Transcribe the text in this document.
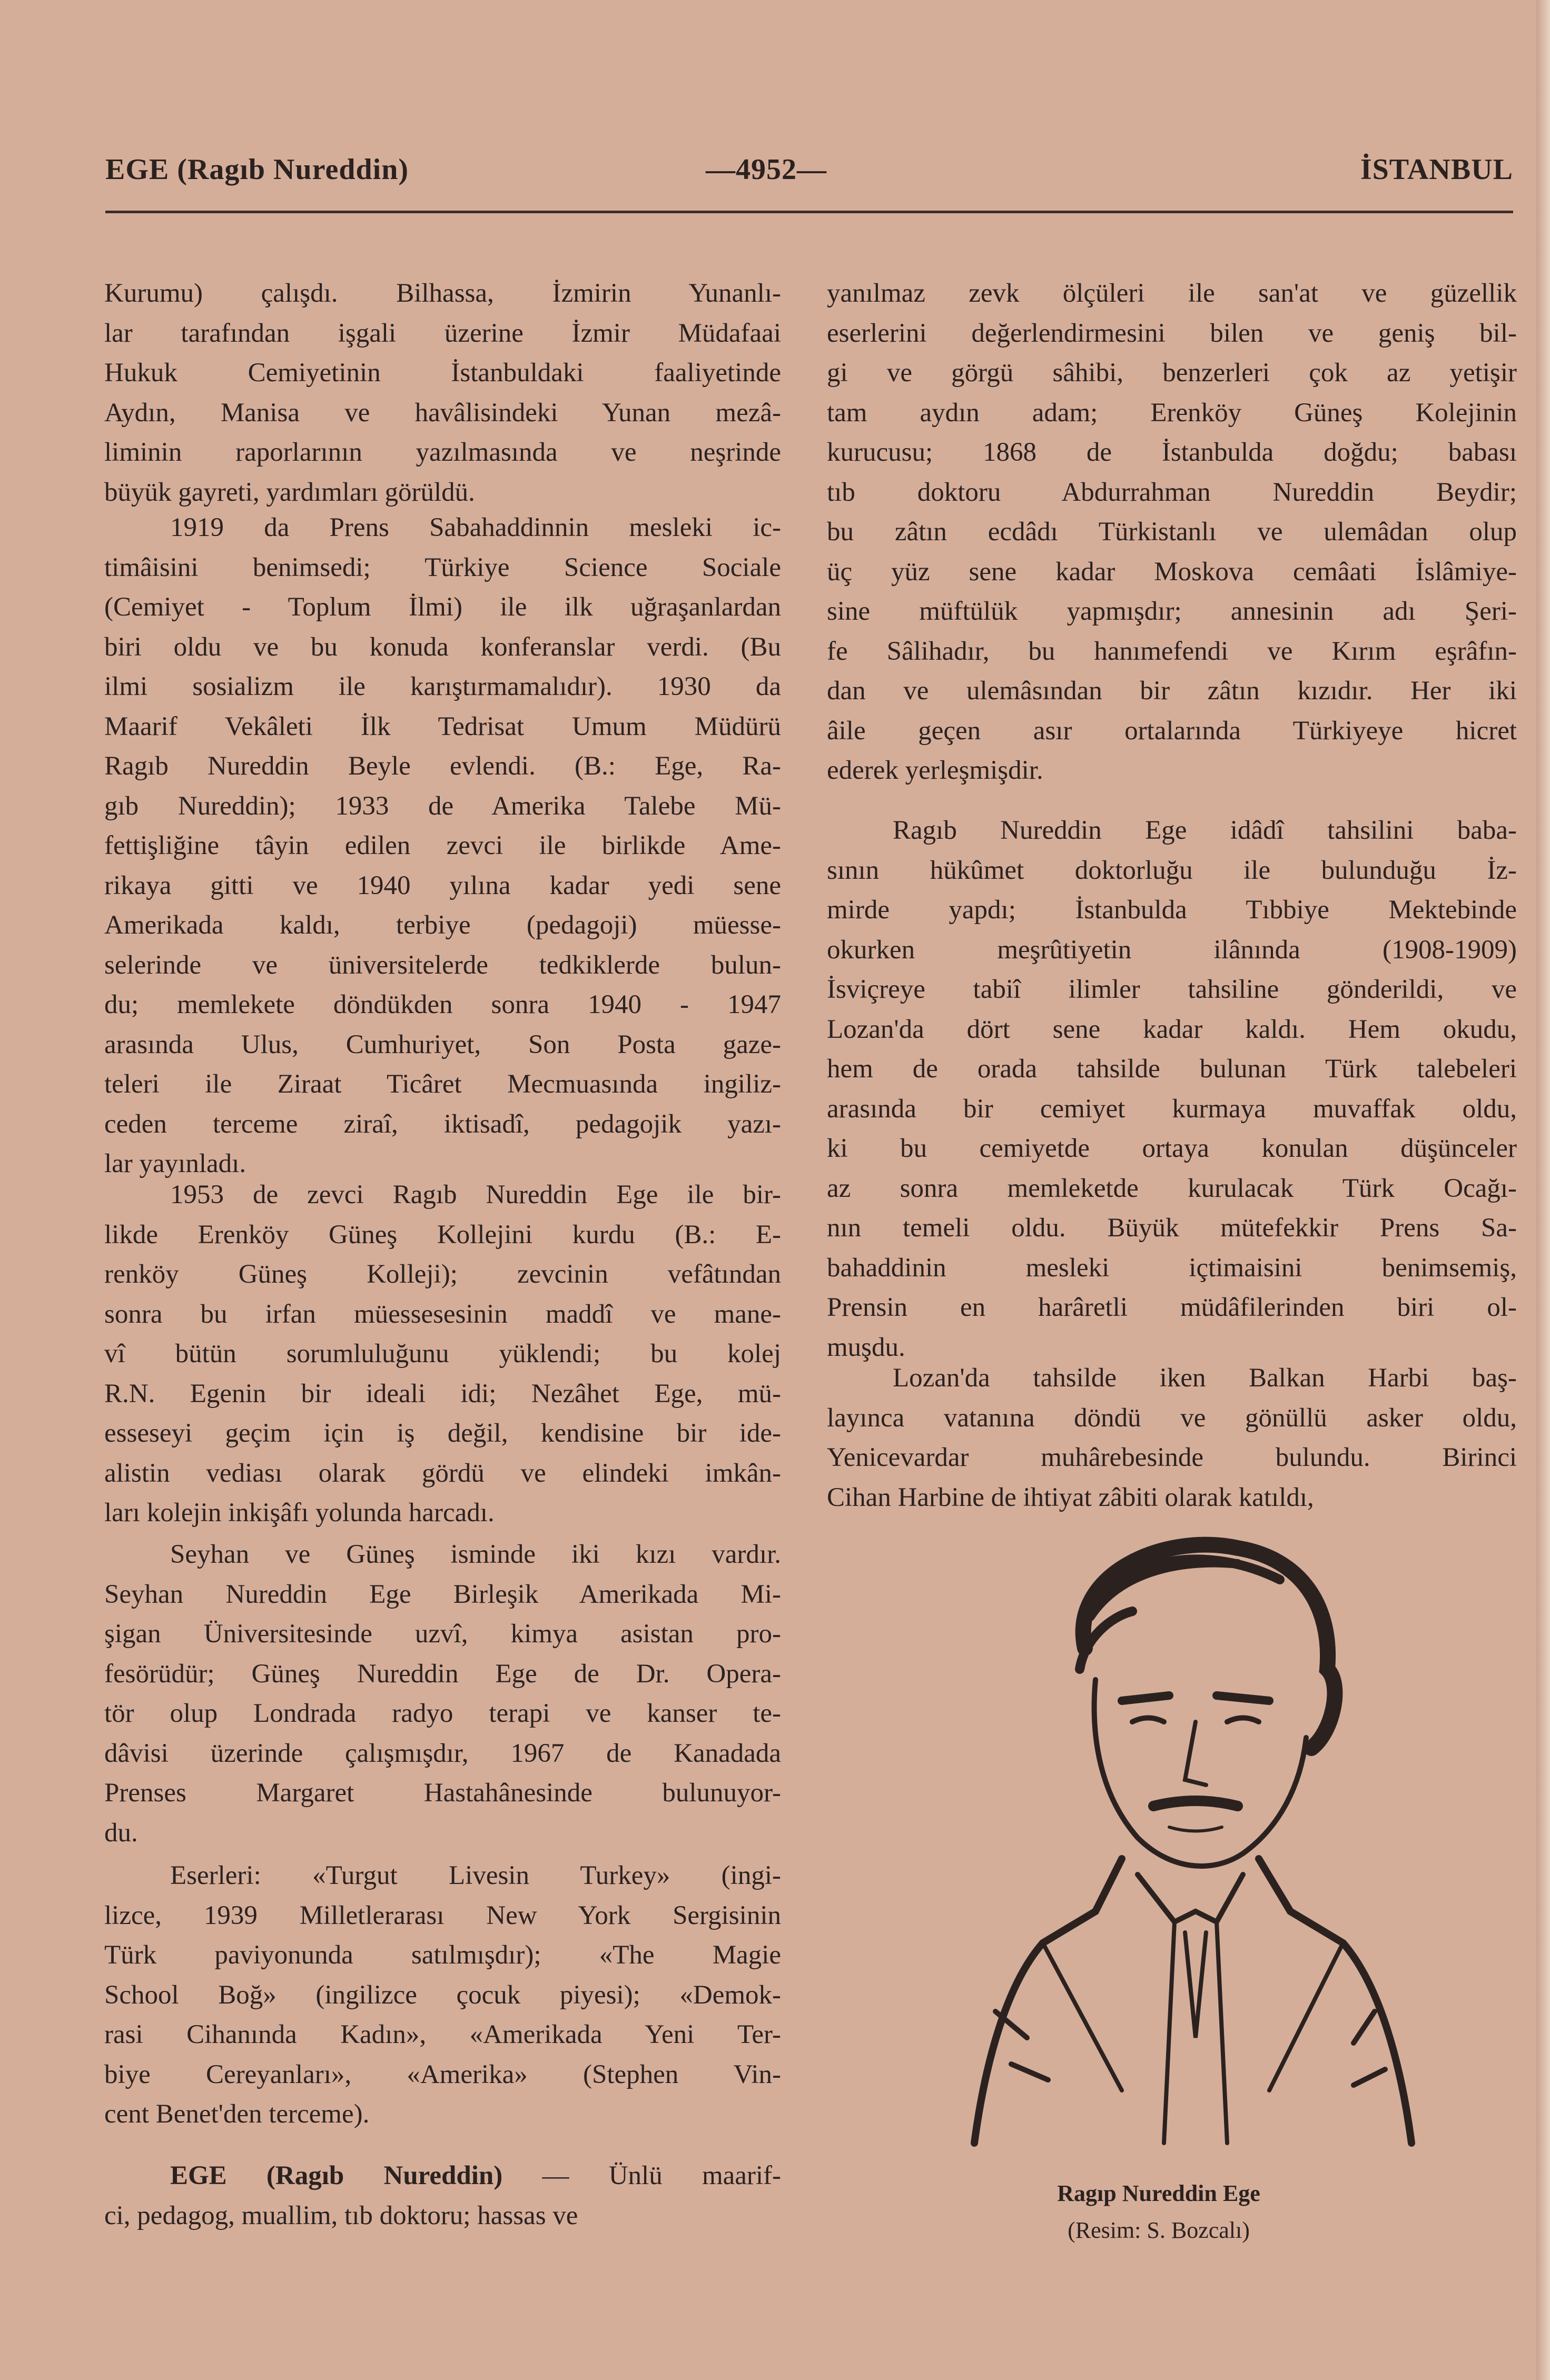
EGE (Ragıb Nureddin)	—4952—	İSTANBUL
Kurumu) çalışdı. Bilhassa, İzmirin Yunanlı-
lar tarafından işgali üzerine İzmir Müdafaai
Hukuk Cemiyetinin İstanbuldaki faaliyetinde
Aydın, Manisa ve havâlisindeki Yunan mezâ-
liminin raporlarının yazılmasında ve neşrinde
büyük gayreti, yardımları görüldü.
1919 da Prens Sabahaddinnin mesleki ic-
timâisini benimsedi; Türkiye Science Sociale
(Cemiyet - Toplum İlmi) ile ilk uğraşanlardan
biri oldu ve bu konuda konferanslar verdi. (Bu
ilmi sosializm ile karıştırmamalıdır). 1930 da
Maarif Vekâleti İlk Tedrisat Umum Müdürü
Ragıb Nureddin Beyle evlendi. (B.: Ege, Ra-
gıb Nureddin); 1933 de Amerika Talebe Mü-
fettişliğine tâyin edilen zevci ile birlikde Ame-
rikaya gitti ve 1940 yılına kadar yedi sene
Amerikada kaldı, terbiye (pedagoji) müesse-
selerinde ve üniversitelerde tedkiklerde bulun-
du; memlekete döndükden sonra 1940 - 1947
arasında Ulus, Cumhuriyet, Son Posta gaze-
teleri ile Ziraat Ticâret Mecmuasında ingiliz-
ceden terceme ziraî, iktisadî, pedagojik yazı-
lar yayınladı.
1953 de zevci Ragıb Nureddin Ege ile bir-
likde Erenköy Güneş Kollejini kurdu (B.: E-
renköy Güneş Kolleji); zevcinin vefâtından
sonra bu irfan müessesesinin maddî ve mane-
vî bütün sorumluluğunu yüklendi; bu kolej
R.N. Egenin bir ideali idi; Nezâhet Ege, mü-
esseseyi geçim için iş değil, kendisine bir ide-
alistin vediası olarak gördü ve elindeki imkân-
ları kolejin inkişâfı yolunda harcadı.
Seyhan ve Güneş isminde iki kızı vardır.
Seyhan Nureddin Ege Birleşik Amerikada Mi-
şigan Üniversitesinde uzvî, kimya asistan pro-
fesörüdür; Güneş Nureddin Ege de Dr. Opera-
tör olup Londrada radyo terapi ve kanser te-
dâvisi üzerinde çalışmışdır, 1967 de Kanadada
Prenses Margaret Hastahânesinde bulunuyor-
du.
Eserleri: «Turgut Livesin Turkey» (ingi-
lizce, 1939 Milletlerarası New York Sergisinin
Türk paviyonunda satılmışdır); «The Magie
School Boğ» (ingilizce çocuk piyesi); «Demok-
rasi Cihanında Kadın», «Amerikada Yeni Ter-
biye Cereyanları», «Amerika» (Stephen Vin-
cent Benet'den terceme).
EGE (Ragıb Nureddin) — Ünlü maarif-
ci, pedagog, muallim, tıb doktoru; hassas ve
yanılmaz zevk ölçüleri ile san'at ve güzellik
eserlerini değerlendirmesini bilen ve geniş bil-
gi ve görgü sâhibi, benzerleri çok az yetişir
tam aydın adam; Erenköy Güneş Kolejinin
kurucusu; 1868 de İstanbulda doğdu; babası
tıb doktoru Abdurrahman Nureddin Beydir;
bu zâtın ecdâdı Türkistanlı ve ulemâdan olup
üç yüz sene kadar Moskova cemâati İslâmiye-
sine müftülük yapmışdır; annesinin adı Şeri-
fe Sâlihadır, bu hanımefendi ve Kırım eşrâfın-
dan ve ulemâsından bir zâtın kızıdır. Her iki
âile geçen asır ortalarında Türkiyeye hicret
ederek yerleşmişdir.
Ragıb Nureddin Ege idâdî tahsilini baba-
sının hükûmet doktorluğu ile bulunduğu İz-
mirde yapdı; İstanbulda Tıbbiye Mektebinde
okurken meşrûtiyetin ilânında (1908-1909)
İsviçreye tabiî ilimler tahsiline gönderildi, ve
Lozan'da dört sene kadar kaldı. Hem okudu,
hem de orada tahsilde bulunan Türk talebeleri
arasında bir cemiyet kurmaya muvaffak oldu,
ki bu cemiyetde ortaya konulan düşünceler
az sonra memleketde kurulacak Türk Ocağı-
nın temeli oldu. Büyük mütefekkir Prens Sa-
bahaddinin mesleki içtimaisini benimsemiş,
Prensin en harâretli müdâfilerinden biri ol-
muşdu.
Lozan'da tahsilde iken Balkan Harbi baş-
layınca vatanına döndü ve gönüllü asker oldu,
Yenicevardar muhârebesinde bulundu. Birinci
Cihan Harbine de ihtiyat zâbiti olarak katıldı,
Ragıp Nureddin Ege
(Resim: S. Bozcalı)
